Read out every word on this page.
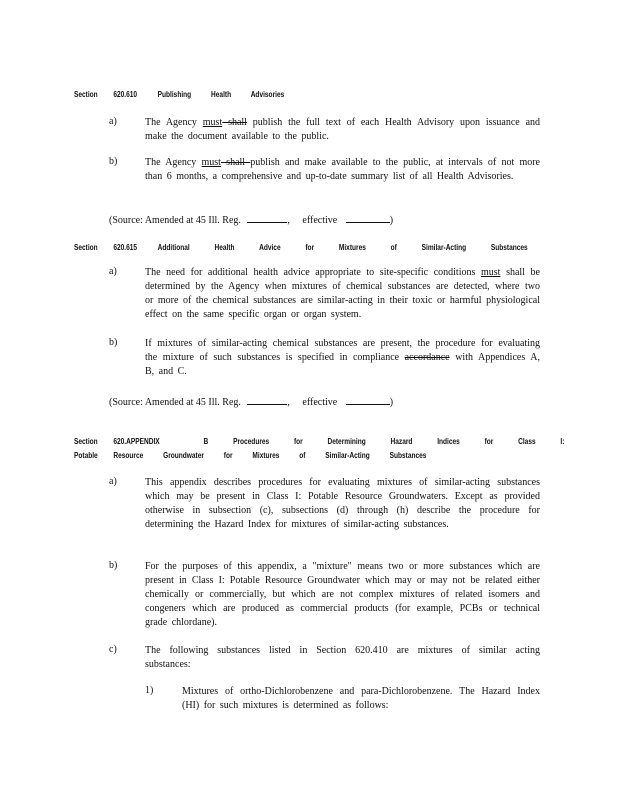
Section 620.610	Publishing Health Advisories
a)	The Agency must shall publish the full text of each Health Advisory upon issuance and make the document available to the public.
b)	The Agency must shall publish and make available to the public, at intervals of not more than 6 months, a comprehensive and up-to-date summary list of all Health Advisories.
(Source: Amended at 45 Ill. Reg.	, effective	)
Section 620.615	Additional Health Advice for Mixtures of Similar-Acting Substances
a)	The need for additional health advice appropriate to site-specific conditions must shall be determined by the Agency when mixtures of chemical substances are detected, where two or more of the chemical substances are similar-acting in their toxic or harmful physiological effect on the same specific organ or organ system.
b)	If mixtures of similar-acting chemical substances are present, the procedure for evaluating the mixture of such substances is specified in compliance accordance with Appendices A, B, and C.
(Source: Amended at 45 Ill. Reg.	, effective	)
Section 620.APPENDIX	B Procedures for Determining Hazard Indices for Class I:
Potable Resource Groundwater for Mixtures of Similar-Acting Substances
a)	This appendix describes procedures for evaluating mixtures of similar-acting substances which may be present in Class I: Potable Resource Groundwaters. Except as provided otherwise in subsection (c), subsections (d) through (h) describe the procedure for determining the Hazard Index for mixtures of similar-acting substances.
b)	For the purposes of this appendix, a "mixture" means two or more substances which are present in Class I: Potable Resource Groundwater which may or may not be related either chemically or commercially, but which are not complex mixtures of related isomers and congeners which are produced as commercial products (for example, PCBs or technical grade chlordane).
c)	The following substances listed in Section 620.410 are mixtures of similar acting substances:
1)	Mixtures of ortho-Dichlorobenzene and para-Dichlorobenzene. The Hazard Index (HI) for such mixtures is determined as follows:
